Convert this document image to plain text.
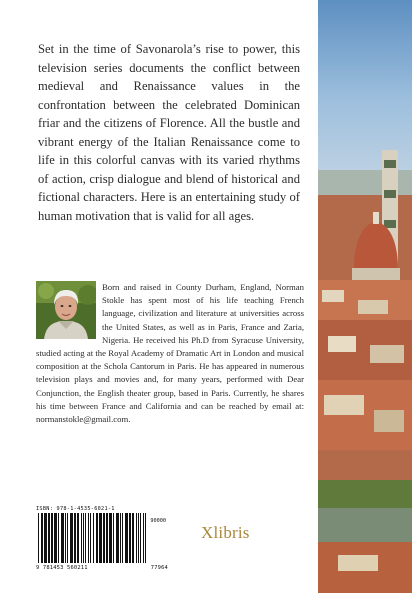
Set in the time of Savonarola’s rise to power, this television series documents the conflict between medieval and Renaissance values in the confrontation between the celebrated Dominican friar and the citizens of Florence. All the bustle and vibrant energy of the Italian Renaissance come to life in this colorful canvas with its varied rhythms of action, crisp dialogue and blend of historical and fictional characters. Here is an entertaining study of human motivation that is valid for all ages.

Born and raised in County Durham, England, Norman Stokle has spent most of his life teaching French language, civilization and literature at universities across the United States, as well as in Paris, France and Zaria, Nigeria. He received his Ph.D from Syracuse University, studied acting at the Royal Academy of Dramatic Art in London and musical composition at the Schola Cantorum in Paris. He has appeared in numerous television plays and movies and, for many years, performed with Dear Conjunction, the English theater group, based in Paris. Currently, he shares his time between France and California and can be reached by email at: normanstokle@gmail.com.

ISBN: 978-1-4535-6021-1
90000
9 781453 560211	77964
Xlibris
